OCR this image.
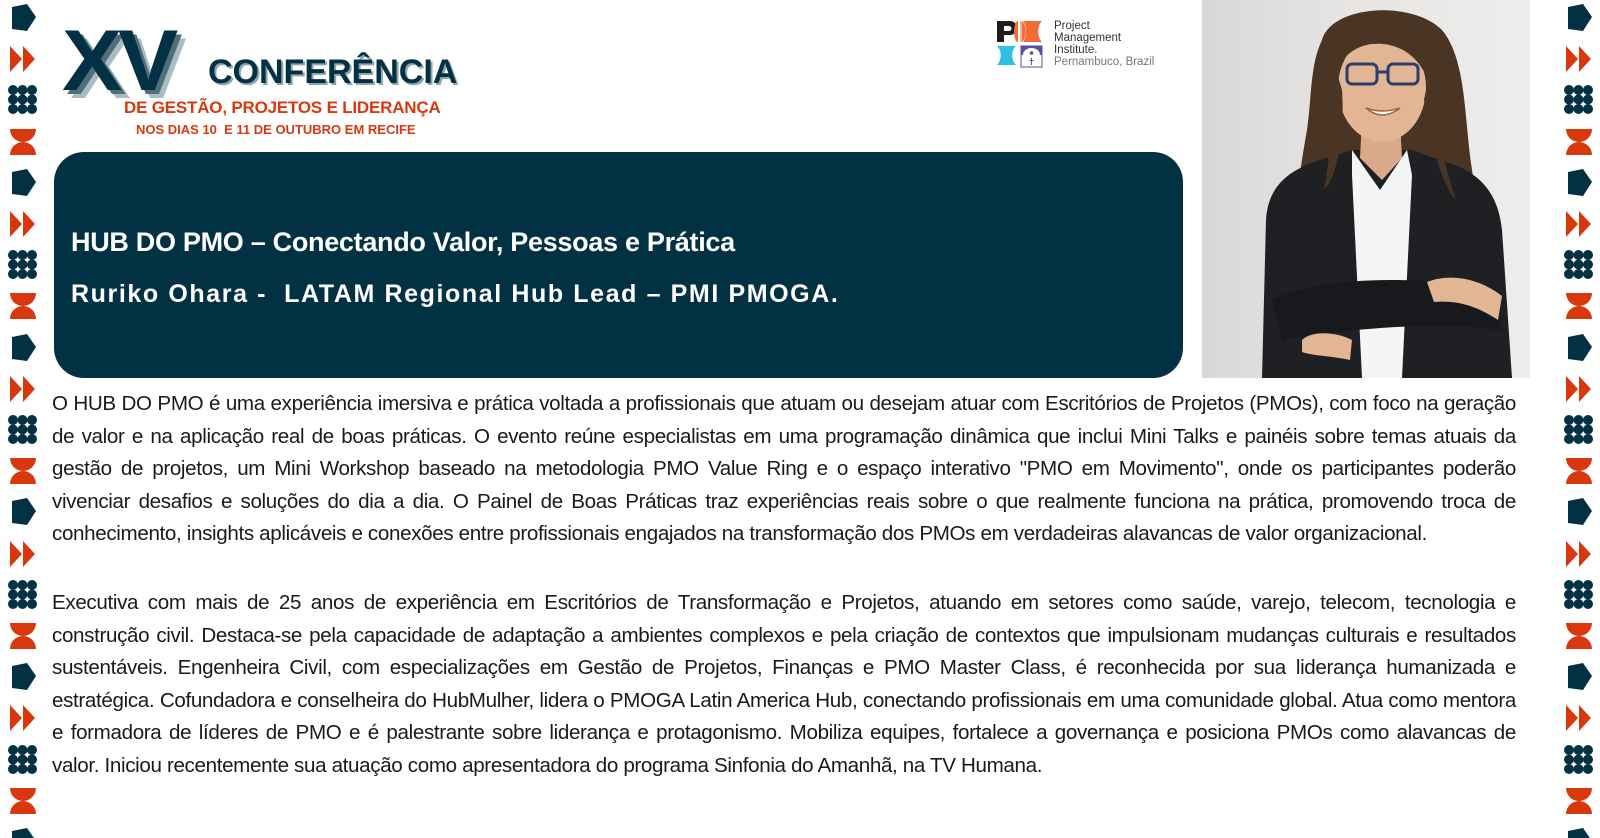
XV CONFERÊNCIA
DE GESTÃO, PROJETOS E LIDERANÇA
NOS DIAS 10  E 11 DE OUTUBRO EM RECIFE
Project
Management
Institute.
Pernambuco, Brazil
HUB DO PMO – Conectando Valor, Pessoas e Prática
Ruriko Ohara -  LATAM Regional Hub Lead – PMI PMOGA.

O HUB DO PMO é uma experiência imersiva e prática voltada a profissionais que atuam ou desejam atuar com Escritórios de Projetos (PMOs), com foco na geração de valor e na aplicação real de boas práticas. O evento reúne especialistas em uma programação dinâmica que inclui Mini Talks e painéis sobre temas atuais da gestão de projetos, um Mini Workshop baseado na metodologia PMO Value Ring e o espaço interativo "PMO em Movimento", onde os participantes poderão vivenciar desafios e soluções do dia a dia. O Painel de Boas Práticas traz experiências reais sobre o que realmente funciona na prática, promovendo troca de conhecimento, insights aplicáveis e conexões entre profissionais engajados na transformação dos PMOs em verdadeiras alavancas de valor organizacional.

Executiva com mais de 25 anos de experiência em Escritórios de Transformação e Projetos, atuando em setores como saúde, varejo, telecom, tecnologia e construção civil. Destaca-se pela capacidade de adaptação a ambientes complexos e pela criação de contextos que impulsionam mudanças culturais e resultados sustentáveis. Engenheira Civil, com especializações em Gestão de Projetos, Finanças e PMO Master Class, é reconhecida por sua liderança humanizada e estratégica. Cofundadora e conselheira do HubMulher, lidera o PMOGA Latin America Hub, conectando profissionais em uma comunidade global. Atua como mentora e formadora de líderes de PMO e é palestrante sobre liderança e protagonismo. Mobiliza equipes, fortalece a governança e posiciona PMOs como alavancas de valor. Iniciou recentemente sua atuação como apresentadora do programa Sinfonia do Amanhã, na TV Humana.
